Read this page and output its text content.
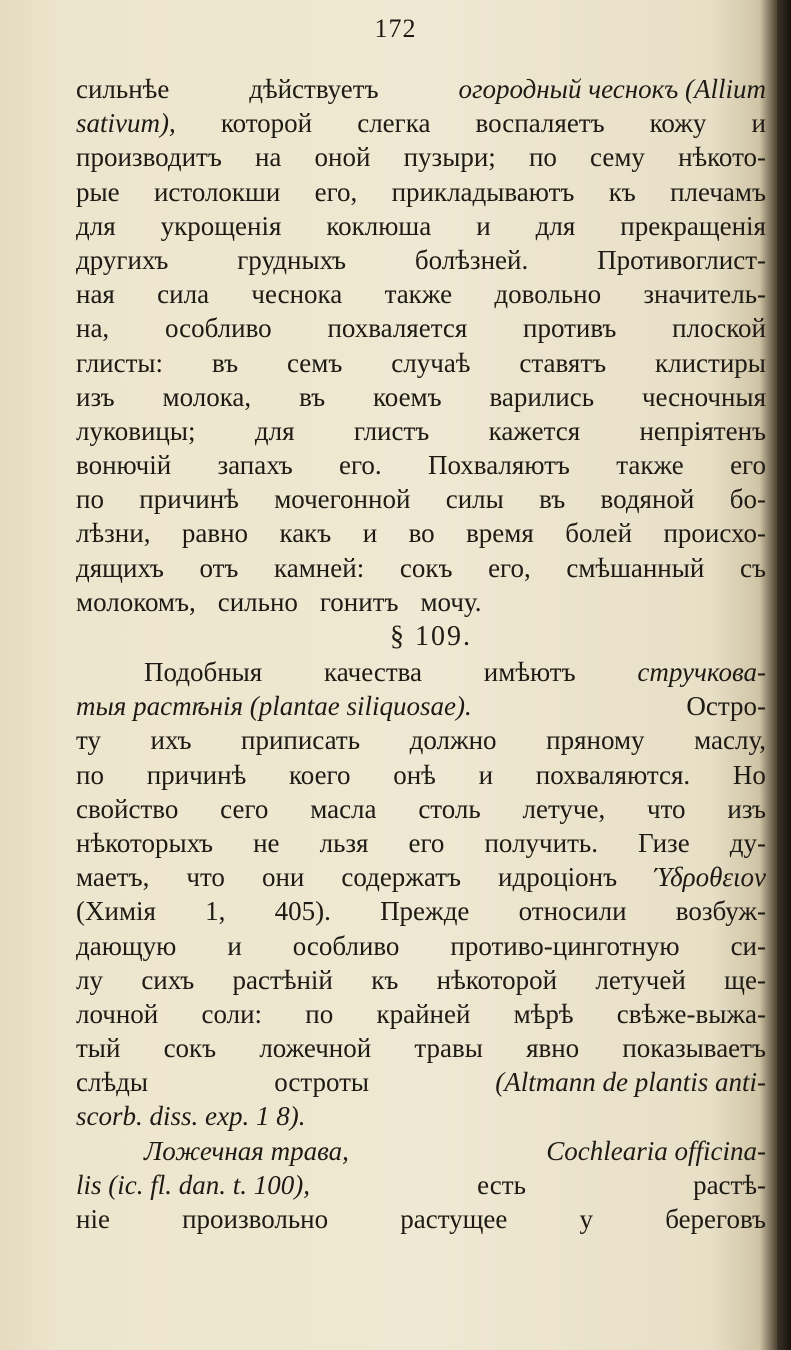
172
сильнѣе	дѣйствуетъ	огородный чеснокъ (Allium
sativum), которой слегка воспаляетъ кожу и
производитъ на оной пузыри; по сему нѣкото-
рые истолокши его, прикладываютъ къ плечамъ
для укрощенія коклюша и для прекращенія
другихъ	грудныхъ	болѣзней.	Противоглист-
ная сила чеснока также довольно значитель-
на, особливо похваляется противъ плоской
глисты: въ семъ случаѣ ставятъ клистиры
изъ молока, въ коемъ варились чесночныя
луковицы; для глистъ кажется непріятенъ
вонючій запахъ его. Похваляютъ также его
по причинѣ мочегонной силы въ водяной бо-
лѣзни, равно какъ и во время болей происхо-
дящихъ отъ камней: сокъ его, смѣшанный съ
молокомъ, сильно гонитъ мочу.
§ 109.
Подобныя качества имѣютъ стручкова-
тыя растѣнія (plantae siliquosae).	Остро-
ту ихъ приписать должно пряному маслу,
по причинѣ коего онѣ и похваляются. Но
свойство сего масла столь летуче, что изъ
нѣкоторыхъ не льзя его получить. Гизе ду-
маетъ, что они содержатъ идроціонъ Ύδροθειον
(Химія 1, 405). Прежде относили возбуж-
дающую и особливо противо-цинготную си-
лу сихъ растѣній къ нѣкоторой летучей ще-
лочной соли: по крайней мѣрѣ свѣже-выжа-
тый сокъ ложечной травы явно показываетъ
слѣды	остроты	(Altmann de plantis anti-
scorb. diss. exp. 1 8).
Ложечная трава,	Cochlearia officina-
lis (ic. fl. dan. t. 100),	есть	растѣ-
ніе	произвольно	растущее	у	береговъ
